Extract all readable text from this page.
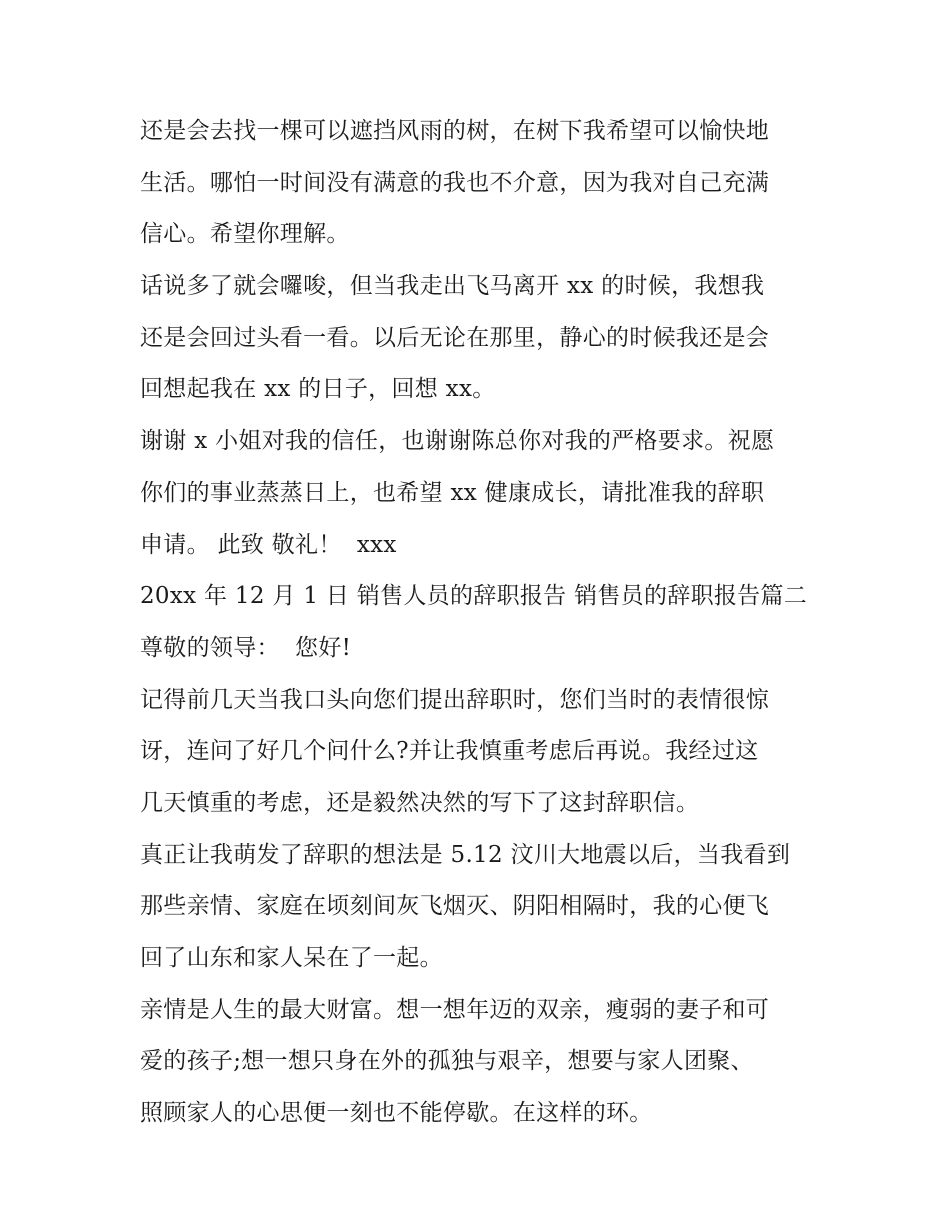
还是会去找一棵可以遮挡风雨的树，在树下我希望可以愉快地
生活。哪怕一时间没有满意的我也不介意，因为我对自己充满
信心。希望你理解。
话说多了就会囉唆，但当我走出飞马离开 xx 的时候，我想我
还是会回过头看一看。以后无论在那里，静心的时候我还是会
回想起我在 xx 的日子，回想 xx。
谢谢 x 小姐对我的信任，也谢谢陈总你对我的严格要求。祝愿
你们的事业蒸蒸日上，也希望 xx 健康成长，请批准我的辞职
申请。 此致 敬礼！  xxx
20xx 年 12 月 1 日 销售人员的辞职报告 销售员的辞职报告篇二
尊敬的领导：  您好!
记得前几天当我口头向您们提出辞职时，您们当时的表情很惊
讶，连问了好几个问什么?并让我慎重考虑后再说。我经过这
几天慎重的考虑，还是毅然决然的写下了这封辞职信。
真正让我萌发了辞职的想法是 5.12 汶川大地震以后，当我看到
那些亲情、家庭在顷刻间灰飞烟灭、阴阳相隔时，我的心便飞
回了山东和家人呆在了一起。
亲情是人生的最大财富。想一想年迈的双亲，瘦弱的妻子和可
爱的孩子;想一想只身在外的孤独与艰辛，想要与家人团聚、
照顾家人的心思便一刻也不能停歇。在这样的环。
